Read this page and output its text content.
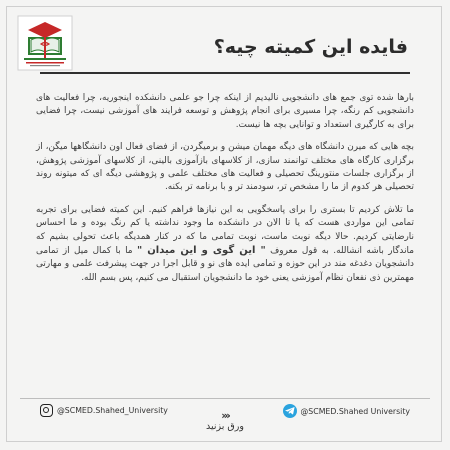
فایده این کمیته چیه؟

بارها شده توی جمع های دانشجویی نالیدیم از اینکه چرا جو علمی دانشکده اینجوریه، چرا فعالیت های دانشجویی کم رنگه، چرا مسیری برای انجام پژوهش و توسعه فرایند های آموزشی نیست، چرا فضایی برای به کارگیری استعداد و توانایی بچه ها نیست.

بچه هایی که میرن دانشگاه های دیگه مهمان میشن و برمیگردن، از فضای فعال اون دانشگاهها میگن، از برگزاری کارگاه های مختلف توانمند سازی، از کلاسهای بازآموزی بالینی، از کلاسهای آموزشی پژوهش، از برگزاری جلسات منتورینگ تحصیلی و فعالیت های مختلف علمی و پژوهشی دیگه ای که میتونه روند تحصیلی هر کدوم از ما را مشخص تر، سودمند تر و با برنامه تر بکنه.

ما تلاش کردیم تا بستری را برای پاسخگویی به این نیازها فراهم کنیم. این کمیته فضایی برای تجربه تمامی این مواردی هست که یا تا الان در دانشکده ما وجود نداشته یا کم رنگ بوده و ما احساس نارضایتی کردیم. حالا دیگه نوبت ماست، نوبت تمامی ما که در کنار همدیگه باعث تحولی بشیم که ماندگار باشه انشالله. به قول معروف " این گوی و این میدان " ما با کمال میل از تمامی دانشجویان دغدغه مند در این حوزه و تمامی ایده های نو و قابل اجرا در جهت پیشرفت علمی و مهارتی مهمترین ذی نفعان نظام آموزشی یعنی خود ما دانشجویان استقبال می کنیم، پس بسم الله.

@SCMED.Shahed_University	@SCMED.Shahed University
›››
ورق بزنید
